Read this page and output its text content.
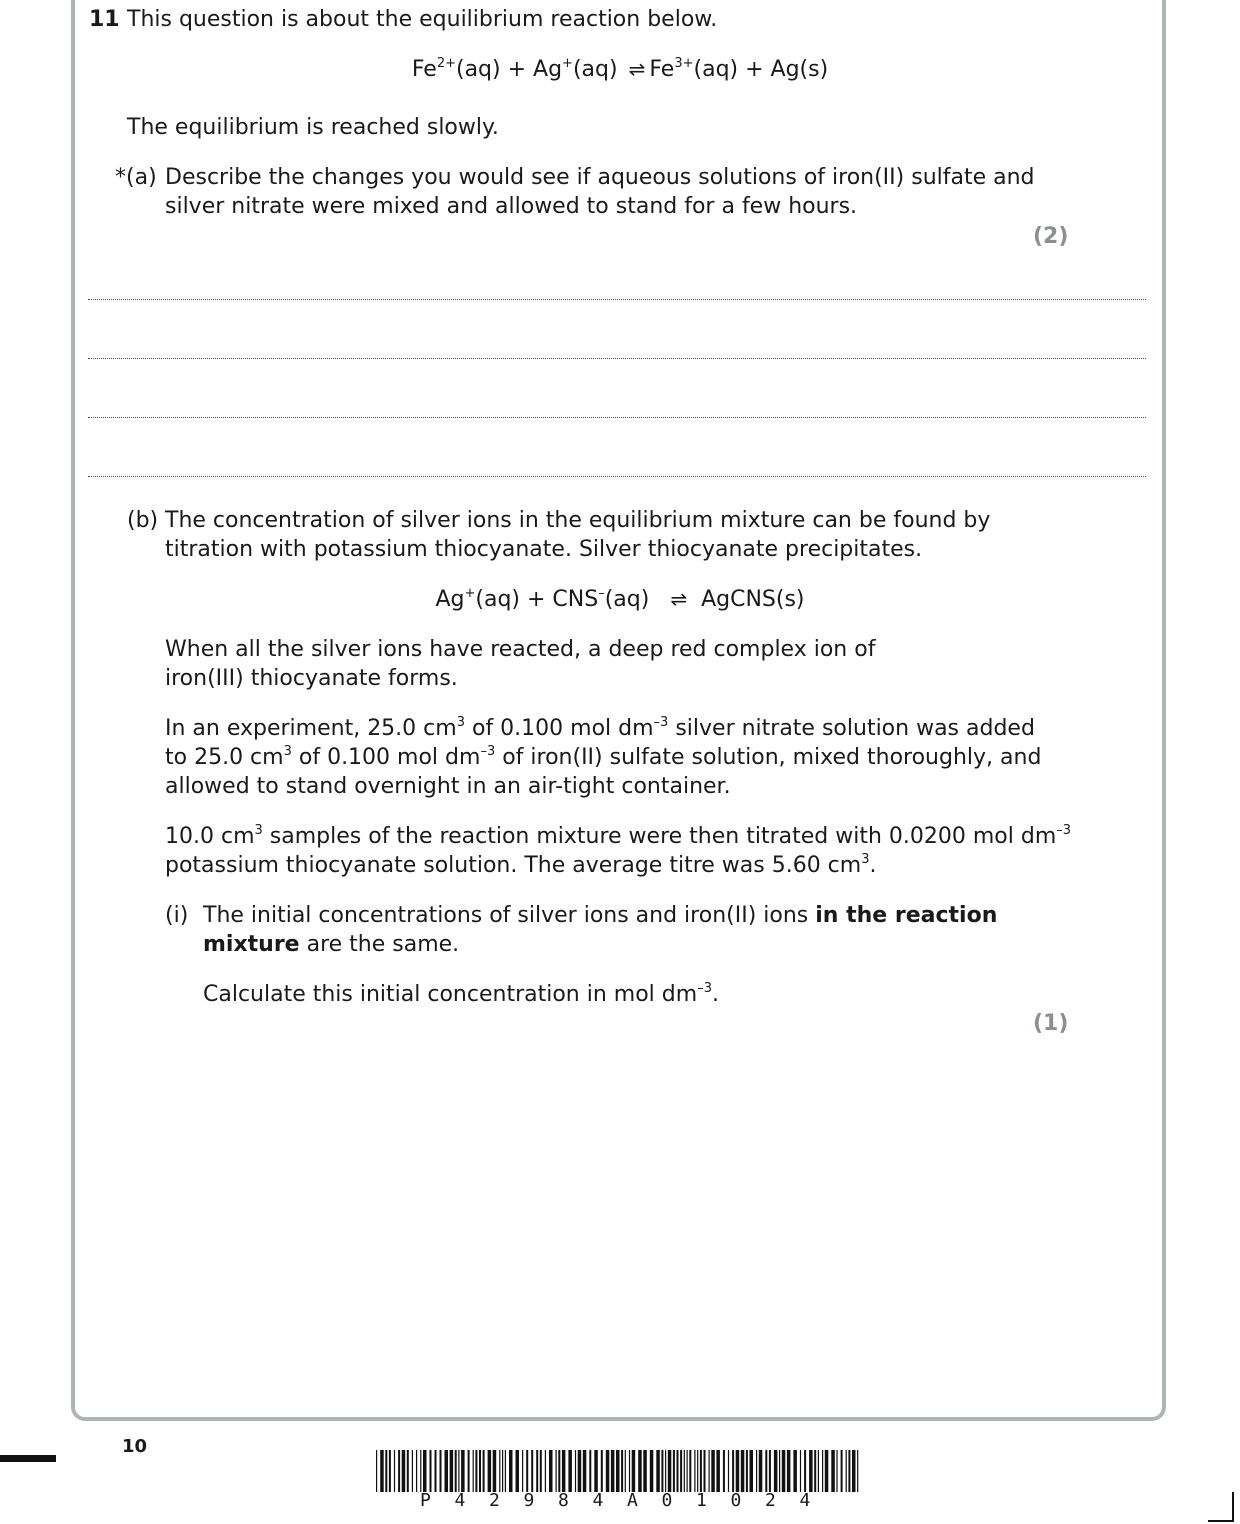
11 This question is about the equilibrium reaction below.
$Fe^{2+}(aq) + Ag^+(aq)$ ⇌ $Fe^{3+}(aq) + Ag(s)$
The equilibrium is reached slowly.
*(a) Describe the changes you would see if aqueous solutions of iron(II) sulfate and
silver nitrate were mixed and allowed to stand for a few hours.
(2)
(b) The concentration of silver ions in the equilibrium mixture can be found by
titration with potassium thiocyanate. Silver thiocyanate precipitates.
Ag+(aq) + CNS–(aq) ⇌ AgCNS(s)
When all the silver ions have reacted, a deep red complex ion of
iron(III) thiocyanate forms.
In an experiment, 25.0 $cm^3$ of 0.100 mol $dm^{-3}$ silver nitrate solution was added
to 25.0 $cm^3$ of 0.100 mol $dm^{-3}$ of iron(II) sulfate solution, mixed thoroughly, and
allowed to stand overnight in an air-tight container.
10.0 $cm^3$ samples of the reaction mixture were then titrated with 0.0200 mol $dm^{-3}$
potassium thiocyanate solution. The average titre was 5.60 $cm^3$.
(i) The initial concentrations of silver ions and iron(II) ions in the reaction
mixture are the same.
Calculate this initial concentration in mol $dm^{-3}$.
(1)
10
P 4 2 9 8 4 A 0 1 0 2 4
